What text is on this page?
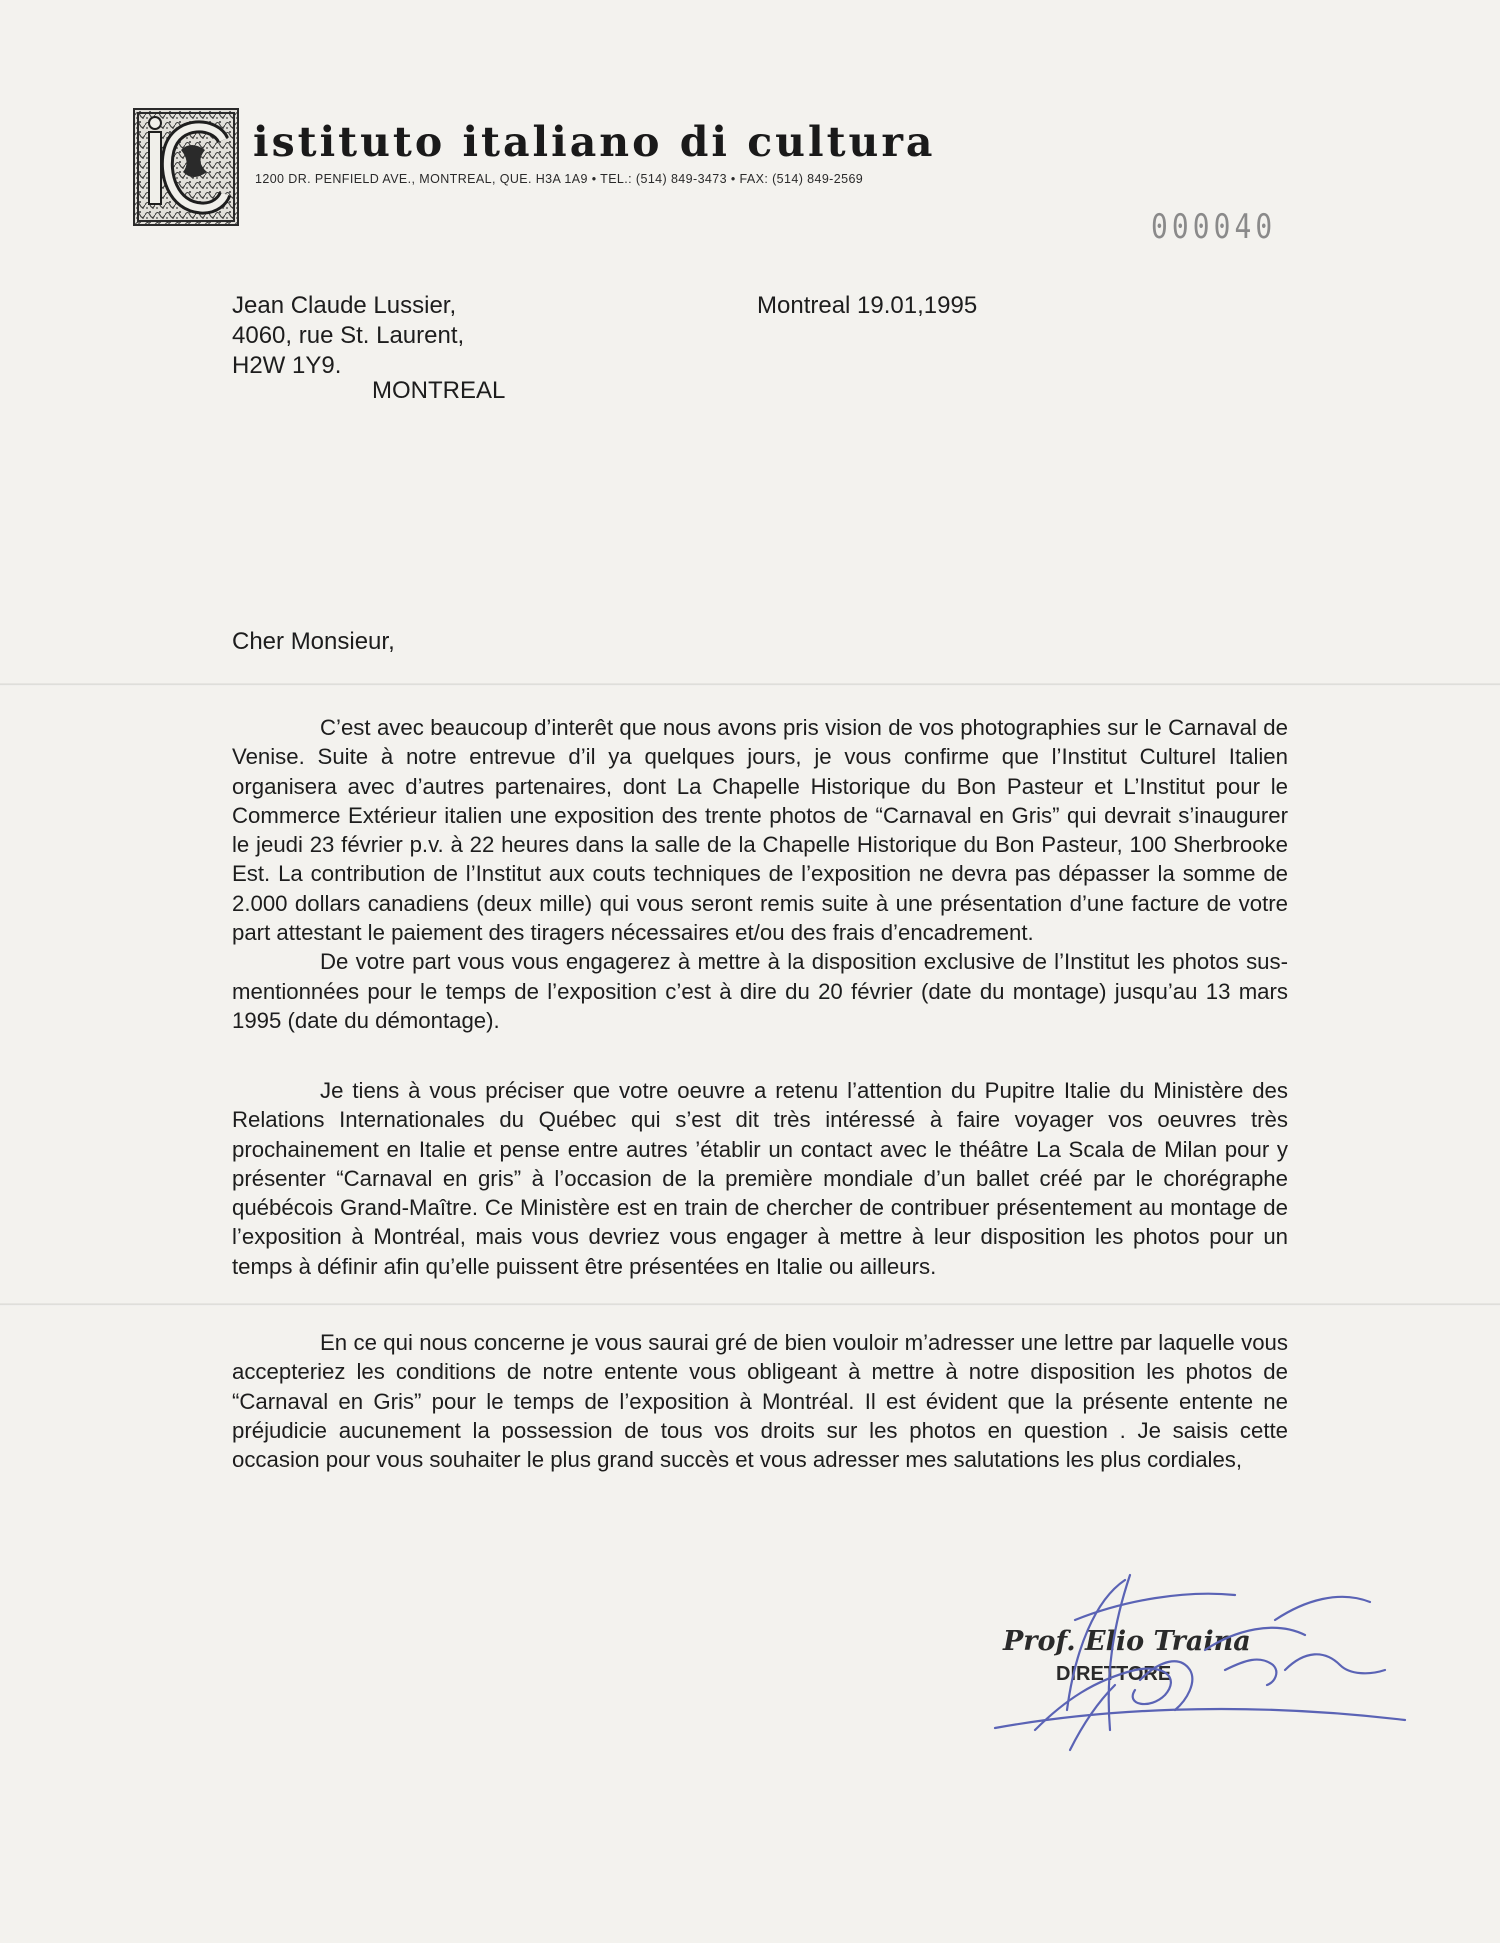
istituto italiano di cultura
1200 DR. PENFIELD AVE., MONTREAL, QUE. H3A 1A9 • TEL.: (514) 849-3473 • FAX: (514) 849-2569
000040
Jean Claude Lussier,
4060, rue St. Laurent,
H2W 1Y9.
MONTREAL
Montreal 19.01,1995
Cher Monsieur,

C’est avec beaucoup d’interêt que nous avons pris vision de vos photographies sur le Carnaval de Venise. Suite à notre entrevue d’il ya quelques jours, je vous confirme que l’Institut Culturel Italien organisera avec d’autres partenaires, dont La Chapelle Historique du Bon Pasteur et L’Institut pour le Commerce Extérieur italien une exposition des trente photos de “Carnaval en Gris” qui devrait s’inaugurer le jeudi 23 février p.v. à 22 heures dans la salle de la Chapelle Historique du Bon Pasteur, 100 Sherbrooke Est. La contribution de l’Institut aux couts techniques de l’exposition ne devra pas dépasser la somme de 2.000 dollars canadiens (deux mille) qui vous seront remis suite à une présentation d’une facture de votre part attestant le paiement des tiragers nécessaires et/ou des frais d’encadrement.

De votre part vous vous engagerez à mettre à la disposition exclusive de l’Institut les photos sus-mentionnées pour le temps de l’exposition c’est à dire du 20 février (date du montage) jusqu’au 13 mars 1995 (date du démontage).

Je tiens à vous préciser que votre oeuvre a retenu l’attention du Pupitre Italie du Ministère des Relations Internationales du Québec qui s’est dit très intéressé à faire voyager vos oeuvres très prochainement en Italie et pense entre autres ’établir un contact avec le théâtre La Scala de Milan pour y présenter “Carnaval en gris” à l’occasion de la première mondiale d’un ballet créé par le chorégraphe québécois Grand-Maître. Ce Ministère est en train de chercher de contribuer présentement au montage de l’exposition à Montréal, mais vous devriez vous engager à mettre à leur disposition les photos pour un temps à définir afin qu’elle puissent être présentées en Italie ou ailleurs.

En ce qui nous concerne je vous saurai gré de bien vouloir m’adresser une lettre par laquelle vous accepteriez les conditions de notre entente vous obligeant à mettre à notre disposition les photos de “Carnaval en Gris” pour le temps de l’exposition à Montréal. Il est évident que la présente entente ne préjudicie aucunement la possession de tous vos droits sur les photos en question . Je saisis cette occasion pour vous souhaiter le plus grand succès et vous adresser mes salutations les plus cordiales,

Prof. Elio Traina
DIRETTORE
